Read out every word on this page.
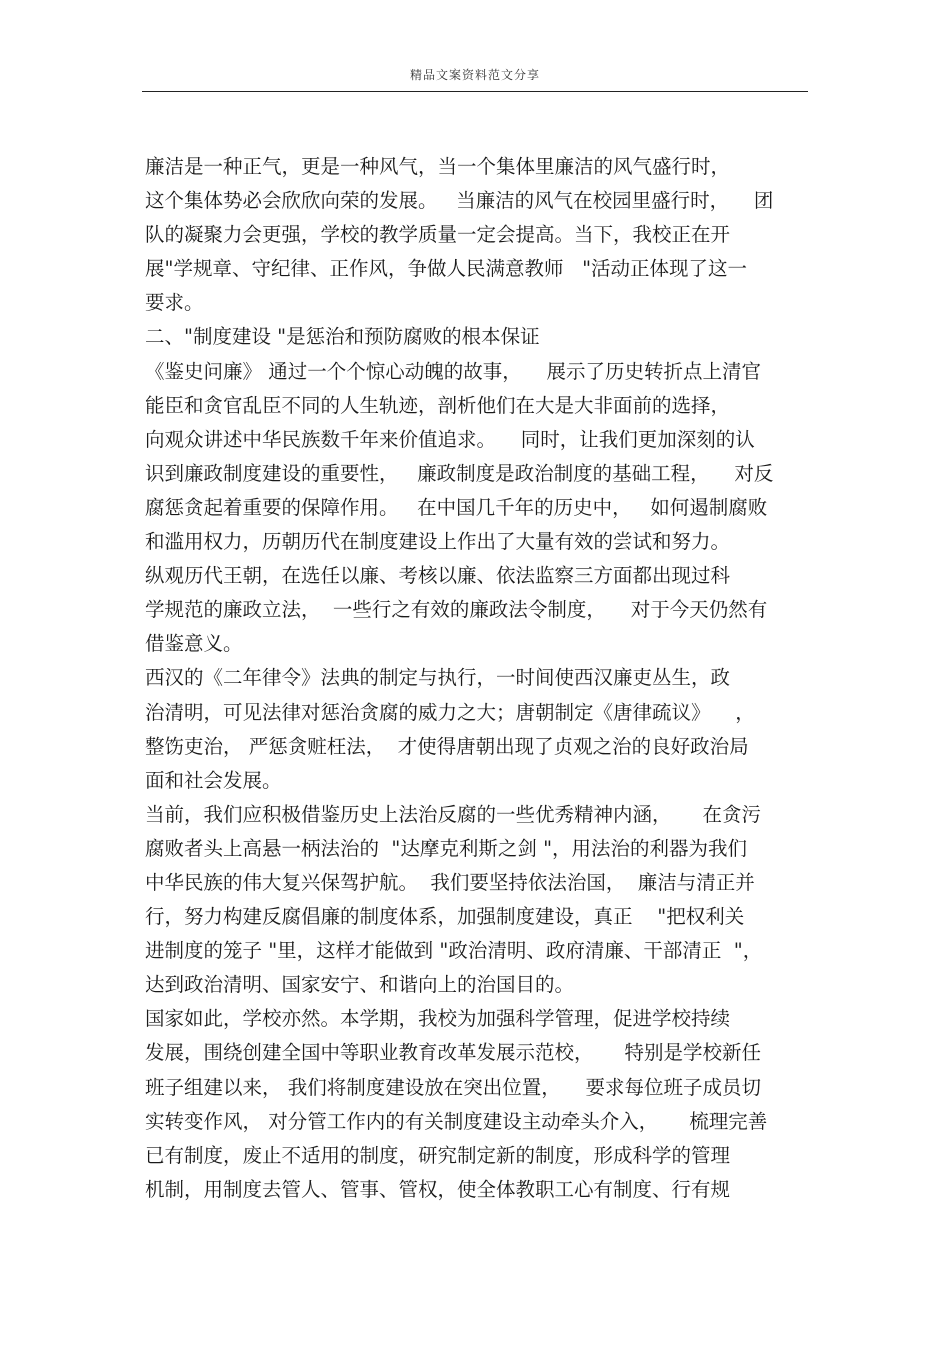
精品文案资料范文分享
廉洁是一种正气，更是一种风气，当一个集体里廉洁的风气盛行时，
这个集体势必会欣欣向荣的发展。   当廉洁的风气在校园里盛行时，    团
队的凝聚力会更强，学校的教学质量一定会提高。当下，我校正在开
展"学规章、守纪律、正作风，争做人民满意教师   "活动正体现了这一
要求。
二、"制度建设 "是惩治和预防腐败的根本保证
《鉴史问廉》 通过一个个惊心动魄的故事，    展示了历史转折点上清官
能臣和贪官乱臣不同的人生轨迹，剖析他们在大是大非面前的选择，
向观众讲述中华民族数千年来价值追求。    同时，让我们更加深刻的认
识到廉政制度建设的重要性，   廉政制度是政治制度的基础工程，    对反
腐惩贪起着重要的保障作用。   在中国几千年的历史中，   如何遏制腐败
和滥用权力，历朝历代在制度建设上作出了大量有效的尝试和努力。
纵观历代王朝，在选任以廉、考核以廉、依法监察三方面都出现过科
学规范的廉政立法，  一些行之有效的廉政法令制度，    对于今天仍然有
借鉴意义。
西汉的《二年律令》法典的制定与执行，一时间使西汉廉吏丛生，政
治清明，可见法律对惩治贪腐的威力之大；唐朝制定《唐律疏议》    ，
整饬吏治， 严惩贪赃枉法，  才使得唐朝出现了贞观之治的良好政治局
面和社会发展。
当前，我们应积极借鉴历史上法治反腐的一些优秀精神内涵，     在贪污
腐败者头上高悬一柄法治的  "达摩克利斯之剑 "，用法治的利器为我们
中华民族的伟大复兴保驾护航。  我们要坚持依法治国，  廉洁与清正并
行，努力构建反腐倡廉的制度体系，加强制度建设，真正    "把权利关
进制度的笼子 "里，这样才能做到 "政治清明、政府清廉、干部清正  "，
达到政治清明、国家安宁、和谐向上的治国目的。
国家如此，学校亦然。本学期，我校为加强科学管理，促进学校持续
发展，围绕创建全国中等职业教育改革发展示范校，     特别是学校新任
班子组建以来， 我们将制度建设放在突出位置，    要求每位班子成员切
实转变作风， 对分管工作内的有关制度建设主动牵头介入，     梳理完善
已有制度，废止不适用的制度，研究制定新的制度，形成科学的管理
机制，用制度去管人、管事、管权，使全体教职工心有制度、行有规
